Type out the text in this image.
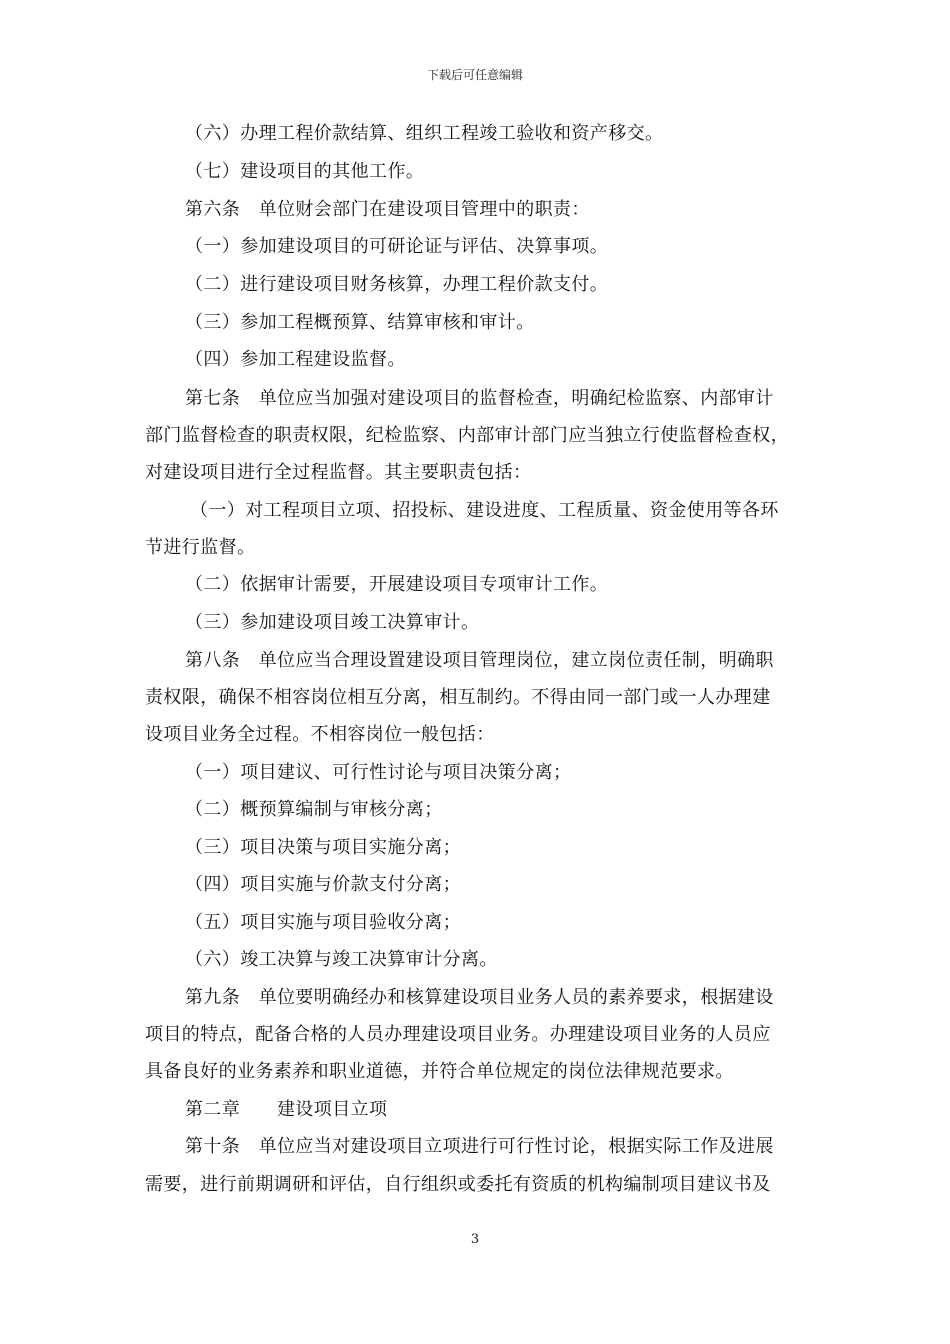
下载后可任意编辑
（六）办理工程价款结算、组织工程竣工验收和资产移交。
（七）建设项目的其他工作。
第六条　单位财会部门在建设项目管理中的职责：
（一）参加建设项目的可研论证与评估、决算事项。
（二）进行建设项目财务核算，办理工程价款支付。
（三）参加工程概预算、结算审核和审计。
（四）参加工程建设监督。
第七条　单位应当加强对建设项目的监督检查，明确纪检监察、内部审计
部门监督检查的职责权限，纪检监察、内部审计部门应当独立行使监督检查权，
对建设项目进行全过程监督。其主要职责包括：
（一）对工程项目立项、招投标、建设进度、工程质量、资金使用等各环
节进行监督。
（二）依据审计需要，开展建设项目专项审计工作。
（三）参加建设项目竣工决算审计。
第八条　单位应当合理设置建设项目管理岗位，建立岗位责任制，明确职
责权限，确保不相容岗位相互分离，相互制约。不得由同一部门或一人办理建
设项目业务全过程。不相容岗位一般包括：
（一）项目建议、可行性讨论与项目决策分离；
（二）概预算编制与审核分离；
（三）项目决策与项目实施分离；
（四）项目实施与价款支付分离；
（五）项目实施与项目验收分离；
（六）竣工决算与竣工决算审计分离。
第九条　单位要明确经办和核算建设项目业务人员的素养要求，根据建设
项目的特点，配备合格的人员办理建设项目业务。办理建设项目业务的人员应
具备良好的业务素养和职业道德，并符合单位规定的岗位法律规范要求。
第二章　　建设项目立项
第十条　单位应当对建设项目立项进行可行性讨论，根据实际工作及进展
需要，进行前期调研和评估，自行组织或委托有资质的机构编制项目建议书及
3
